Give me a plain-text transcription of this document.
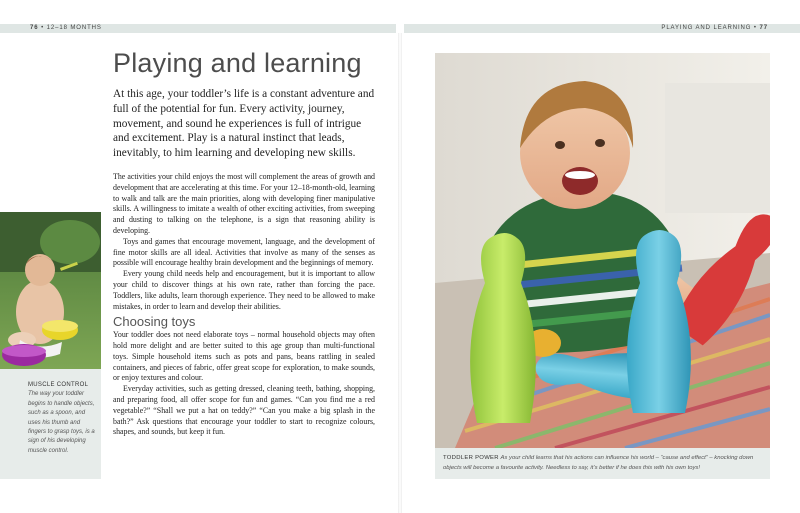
76 • 12–18 MONTHS	PLAYING AND LEARNING • 77
Playing and learning

At this age, your toddler’s life is a constant adventure and full of the potential for fun. Every activity, journey, movement, and sound he experiences is full of intrigue and excitement. Play is a natural instinct that leads, inevitably, to him learning and developing new skills.

The activities your child enjoys the most will complement the areas of growth and development that are accelerating at this time. For your 12–18-month-old, learning to walk and talk are the main priorities, along with developing finer manipulative skills. A willingness to imitate a wealth of other exciting activities, from sweeping and dusting to talking on the telephone, is a sign that reasoning ability is developing.

Toys and games that encourage movement, language, and the development of fine motor skills are all ideal. Activities that involve as many of the senses as possible will encourage healthy brain development and the beginnings of memory.

Every young child needs help and encouragement, but it is important to allow your child to discover things at his own rate, rather than forcing the pace. Toddlers, like adults, learn thorough experience. They need to be allowed to make mistakes, in order to learn and develop their abilities.

Choosing toys

Your toddler does not need elaborate toys – normal household objects may often hold more delight and are better suited to this age group than multi-functional toys. Simple household items such as pots and pans, beans rattling in sealed containers, and pieces of fabric, offer great scope for exploration, to make sounds, or enjoy textures and colour.

Everyday activities, such as getting dressed, cleaning teeth, bathing, shopping, and preparing food, all offer scope for fun and games. “Can you find me a red vegetable?” “Shall we put a hat on teddy?” “Can you make a big splash in the bath?” Ask questions that encourage your toddler to start to recognize colours, shapes, and sounds, but keep it fun.

MUSCLE CONTROL The way your toddler begins to handle objects, such as a spoon, and uses his thumb and fingers to grasp toys, is a sign of his developing muscle control.
TODDLER POWER As your child learns that his actions can influence his world – “cause and effect” – knocking down objects will become a favourite activity. Needless to say, it’s better if he does this with his own toys!
